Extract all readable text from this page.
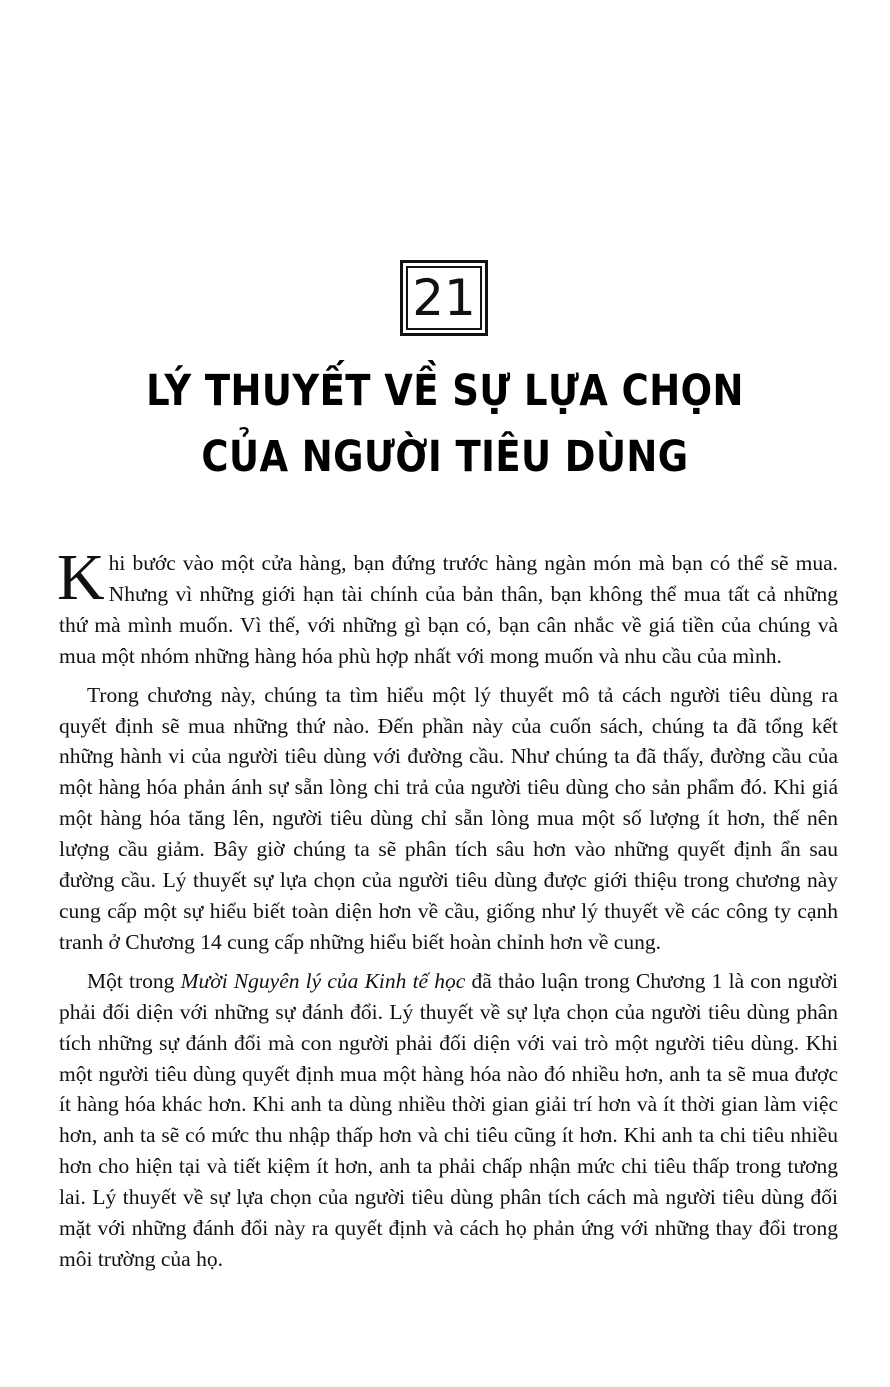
21
LÝ THUYẾT VỀ SỰ LỰA CHỌN
CỦA NGƯỜI TIÊU DÙNG

Khi bước vào một cửa hàng, bạn đứng trước hàng ngàn món mà bạn có thể sẽ mua. Nhưng vì những giới hạn tài chính của bản thân, bạn không thể mua tất cả những thứ mà mình muốn. Vì thế, với những gì bạn có, bạn cân nhắc về giá tiền của chúng và mua một nhóm những hàng hóa phù hợp nhất với mong muốn và nhu cầu của mình.

Trong chương này, chúng ta tìm hiểu một lý thuyết mô tả cách người tiêu dùng ra quyết định sẽ mua những thứ nào. Đến phần này của cuốn sách, chúng ta đã tổng kết những hành vi của người tiêu dùng với đường cầu. Như chúng ta đã thấy, đường cầu của một hàng hóa phản ánh sự sẵn lòng chi trả của người tiêu dùng cho sản phẩm đó. Khi giá một hàng hóa tăng lên, người tiêu dùng chỉ sẵn lòng mua một số lượng ít hơn, thế nên lượng cầu giảm. Bây giờ chúng ta sẽ phân tích sâu hơn vào những quyết định ẩn sau đường cầu. Lý thuyết sự lựa chọn của người tiêu dùng được giới thiệu trong chương này cung cấp một sự hiểu biết toàn diện hơn về cầu, giống như lý thuyết về các công ty cạnh tranh ở Chương 14 cung cấp những hiểu biết hoàn chỉnh hơn về cung.

Một trong Mười Nguyên lý của Kinh tế học đã thảo luận trong Chương 1 là con người phải đối diện với những sự đánh đổi. Lý thuyết về sự lựa chọn của người tiêu dùng phân tích những sự đánh đổi mà con người phải đối diện với vai trò một người tiêu dùng. Khi một người tiêu dùng quyết định mua một hàng hóa nào đó nhiều hơn, anh ta sẽ mua được ít hàng hóa khác hơn. Khi anh ta dùng nhiều thời gian giải trí hơn và ít thời gian làm việc hơn, anh ta sẽ có mức thu nhập thấp hơn và chi tiêu cũng ít hơn. Khi anh ta chi tiêu nhiều hơn cho hiện tại và tiết kiệm ít hơn, anh ta phải chấp nhận mức chi tiêu thấp trong tương lai. Lý thuyết về sự lựa chọn của người tiêu dùng phân tích cách mà người tiêu dùng đối mặt với những đánh đổi này ra quyết định và cách họ phản ứng với những thay đổi trong môi trường của họ.
